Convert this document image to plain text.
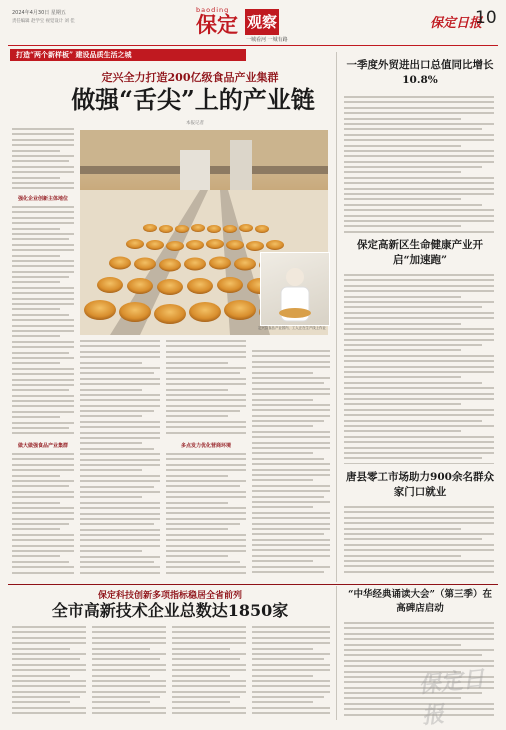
2024年4月30日 星期五
责任编辑 赵学宝 视觉设计 刘 佳
baoding
保定 观察
一城看河 一城有路
保定日报
10
打造“两个新样板” 建设品质生活之城
定兴全力打造200亿级食品产业集群
做强“舌尖”上的产业链
本报记者
强化企业创新主体地位
做大做强食品产业集群
定兴县食品产业园内，工人正在生产线上作业
多点发力优化营商环境
一季度外贸进出口总值同比增长10.8%
保定高新区生命健康产业开启“加速跑”
唐县零工市场助力900余名群众家门口就业
保定科技创新多项指标稳居全省前列
全市高新技术企业总数达1850家
“中华经典诵读大会”（第三季）在高碑店启动
保定日报
